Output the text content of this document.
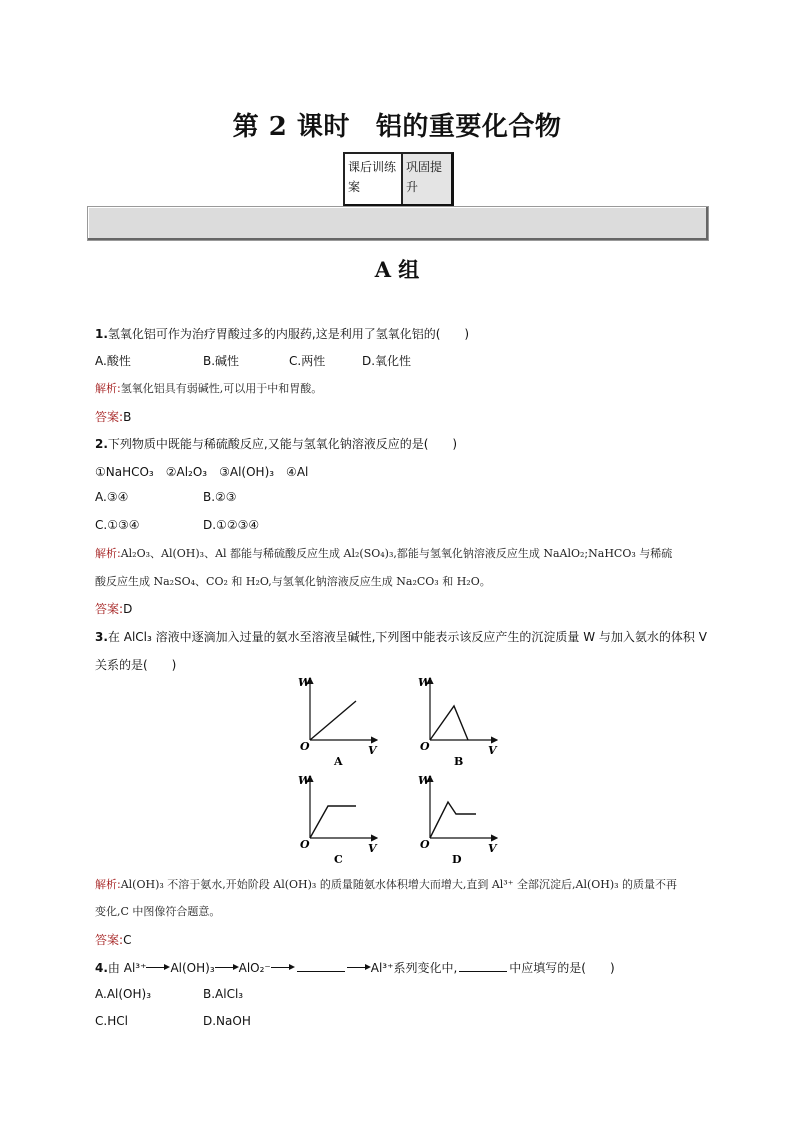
第 2 课时 铝的重要化合物
课后训练案
巩固提升
A 组
1.氢氧化铝可作为治疗胃酸过多的内服药,这是利用了氢氧化铝的(　　)
A.酸性	B.碱性	C.两性	D.氧化性
解析:氢氧化铝具有弱碱性,可以用于中和胃酸。
答案:B
2.下列物质中既能与稀硫酸反应,又能与氢氧化钠溶液反应的是(　　)
①NaHCO₃　②Al₂O₃　③Al(OH)₃　④Al
A.③④	B.②③
C.①③④	D.①②③④
解析:Al₂O₃、Al(OH)₃、Al 都能与稀硫酸反应生成 Al₂(SO₄)₃,都能与氢氧化钠溶液反应生成 NaAlO₂;NaHCO₃ 与稀硫
酸反应生成 Na₂SO₄、CO₂ 和 H₂O,与氢氧化钠溶液反应生成 Na₂CO₃ 和 H₂O。
答案:D
3.在 AlCl₃ 溶液中逐滴加入过量的氨水至溶液呈碱性,下列图中能表示该反应产生的沉淀质量 W 与加入氨水的体积 V
关系的是(　　)
W
O	V
A
W
O	V
B
W
O	V
C
W
O	V
D
解析:Al(OH)₃ 不溶于氨水,开始阶段 Al(OH)₃ 的质量随氨水体积增大而增大,直到 Al³⁺ 全部沉淀后,Al(OH)₃ 的质量不再
变化,C 中图像符合题意。
答案:C
4.由 Al³⁺ Al(OH)₃ AlO₂⁻	Al³⁺系列变化中,	中应填写的是(　　)
A.Al(OH)₃	B.AlCl₃
C.HCl	D.NaOH
